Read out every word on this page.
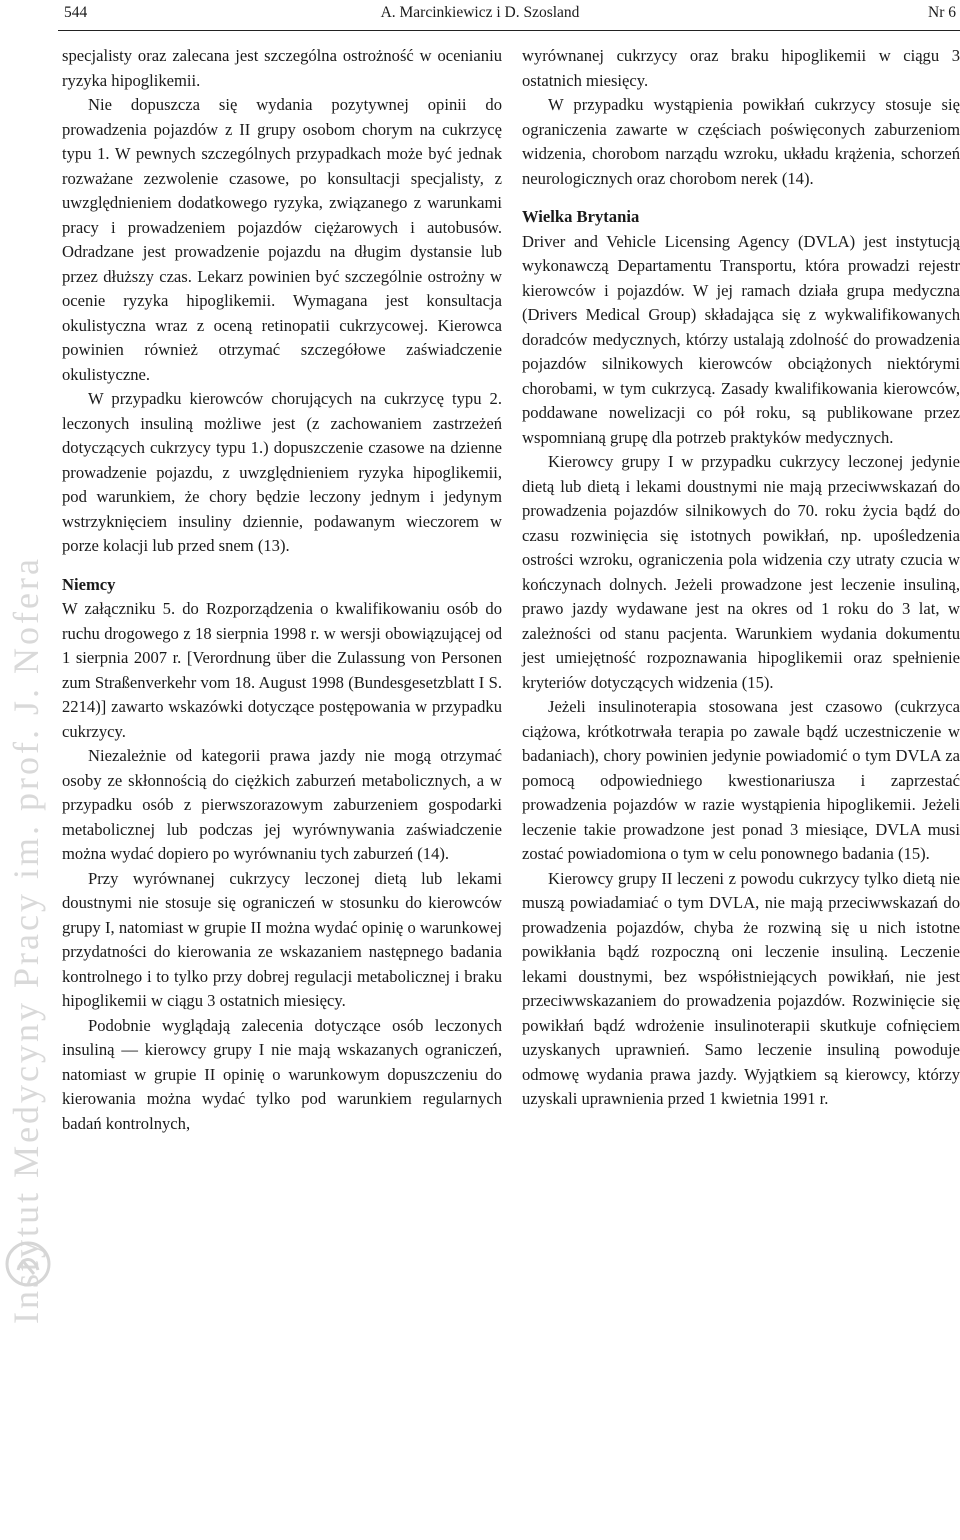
544	A. Marcinkiewicz i D. Szosland	Nr 6
Instytut Medycyny Pracy im. prof. J. Nofera

specjalisty oraz zalecana jest szczególna ostrożność w ocenianiu ryzyka hipoglikemii.

Nie dopuszcza się wydania pozytywnej opinii do prowadzenia pojazdów z II grupy osobom chorym na cukrzycę typu 1. W pewnych szczególnych przypadkach może być jednak rozważane zezwolenie czasowe, po konsultacji specjalisty, z uwzględnieniem dodatkowego ryzyka, związanego z warunkami pracy i prowadzeniem pojazdów ciężarowych i autobusów. Odradzane jest prowadzenie pojazdu na długim dystansie lub przez dłuższy czas. Lekarz powinien być szczególnie ostrożny w ocenie ryzyka hipoglikemii. Wymagana jest konsultacja okulistyczna wraz z oceną retinopatii cukrzycowej. Kierowca powinien również otrzymać szczegółowe zaświadczenie okulistyczne.

W przypadku kierowców chorujących na cukrzycę typu 2. leczonych insuliną możliwe jest (z zachowaniem zastrzeżeń dotyczących cukrzycy typu 1.) dopuszczenie czasowe na dzienne prowadzenie pojazdu, z uwzględnieniem ryzyka hipoglikemii, pod warunkiem, że chory będzie leczony jednym i jedynym wstrzyknięciem insuliny dziennie, podawanym wieczorem w porze kolacji lub przed snem (13).

Niemcy

W załączniku 5. do Rozporządzenia o kwalifikowaniu osób do ruchu drogowego z 18 sierpnia 1998 r. w wersji obowiązującej od 1 sierpnia 2007 r. [Verordnung über die Zulassung von Personen zum Straßenverkehr vom 18. August 1998 (Bundesgesetzblatt I S. 2214)] zawarto wskazówki dotyczące postępowania w przypadku cukrzycy.

Niezależnie od kategorii prawa jazdy nie mogą otrzymać osoby ze skłonnością do ciężkich zaburzeń metabolicznych, a w przypadku osób z pierwszorazowym zaburzeniem gospodarki metabolicznej lub podczas jej wyrównywania zaświadczenie można wydać dopiero po wyrównaniu tych zaburzeń (14).

Przy wyrównanej cukrzycy leczonej dietą lub lekami doustnymi nie stosuje się ograniczeń w stosunku do kierowców grupy I, natomiast w grupie II można wydać opinię o warunkowej przydatności do kierowania ze wskazaniem następnego badania kontrolnego i to tylko przy dobrej regulacji metabolicznej i braku hipoglikemii w ciągu 3 ostatnich miesięcy.

Podobnie wyglądają zalecenia dotyczące osób leczonych insuliną — kierowcy grupy I nie mają wskazanych ograniczeń, natomiast w grupie II opinię o warunkowym dopuszczeniu do kierowania można wydać tylko pod warunkiem regularnych badań kontrolnych,

wyrównanej cukrzycy oraz braku hipoglikemii w ciągu 3 ostatnich miesięcy.

W przypadku wystąpienia powikłań cukrzycy stosuje się ograniczenia zawarte w częściach poświęconych zaburzeniom widzenia, chorobom narządu wzroku, układu krążenia, schorzeń neurologicznych oraz chorobom nerek (14).

Wielka Brytania

Driver and Vehicle Licensing Agency (DVLA) jest instytucją wykonawczą Departamentu Transportu, która prowadzi rejestr kierowców i pojazdów. W jej ramach działa grupa medyczna (Drivers Medical Group) składająca się z wykwalifikowanych doradców medycznych, którzy ustalają zdolność do prowadzenia pojazdów silnikowych kierowców obciążonych niektórymi chorobami, w tym cukrzycą. Zasady kwalifikowania kierowców, poddawane nowelizacji co pół roku, są publikowane przez wspomnianą grupę dla potrzeb praktyków medycznych.

Kierowcy grupy I w przypadku cukrzycy leczonej jedynie dietą lub dietą i lekami doustnymi nie mają przeciwwskazań do prowadzenia pojazdów silnikowych do 70. roku życia bądź do czasu rozwinięcia się istotnych powikłań, np. upośledzenia ostrości wzroku, ograniczenia pola widzenia czy utraty czucia w kończynach dolnych. Jeżeli prowadzone jest leczenie insuliną, prawo jazdy wydawane jest na okres od 1 roku do 3 lat, w zależności od stanu pacjenta. Warunkiem wydania dokumentu jest umiejętność rozpoznawania hipoglikemii oraz spełnienie kryteriów dotyczących widzenia (15).

Jeżeli insulinoterapia stosowana jest czasowo (cukrzyca ciążowa, krótkotrwała terapia po zawale bądź uczestniczenie w badaniach), chory powinien jedynie powiadomić o tym DVLA za pomocą odpowiedniego kwestionariusza i zaprzestać prowadzenia pojazdów w razie wystąpienia hipoglikemii. Jeżeli leczenie takie prowadzone jest ponad 3 miesiące, DVLA musi zostać powiadomiona o tym w celu ponownego badania (15).

Kierowcy grupy II leczeni z powodu cukrzycy tylko dietą nie muszą powiadamiać o tym DVLA, nie mają przeciwwskazań do prowadzenia pojazdów, chyba że rozwiną się u nich istotne powikłania bądź rozpoczną oni leczenie insuliną. Leczenie lekami doustnymi, bez współistniejących powikłań, nie jest przeciwwskazaniem do prowadzenia pojazdów. Rozwinięcie się powikłań bądź wdrożenie insulinoterapii skutkuje cofnięciem uzyskanych uprawnień. Samo leczenie insuliną powoduje odmowę wydania prawa jazdy. Wyjątkiem są kierowcy, którzy uzyskali uprawnienia przed 1 kwietnia 1991 r.
